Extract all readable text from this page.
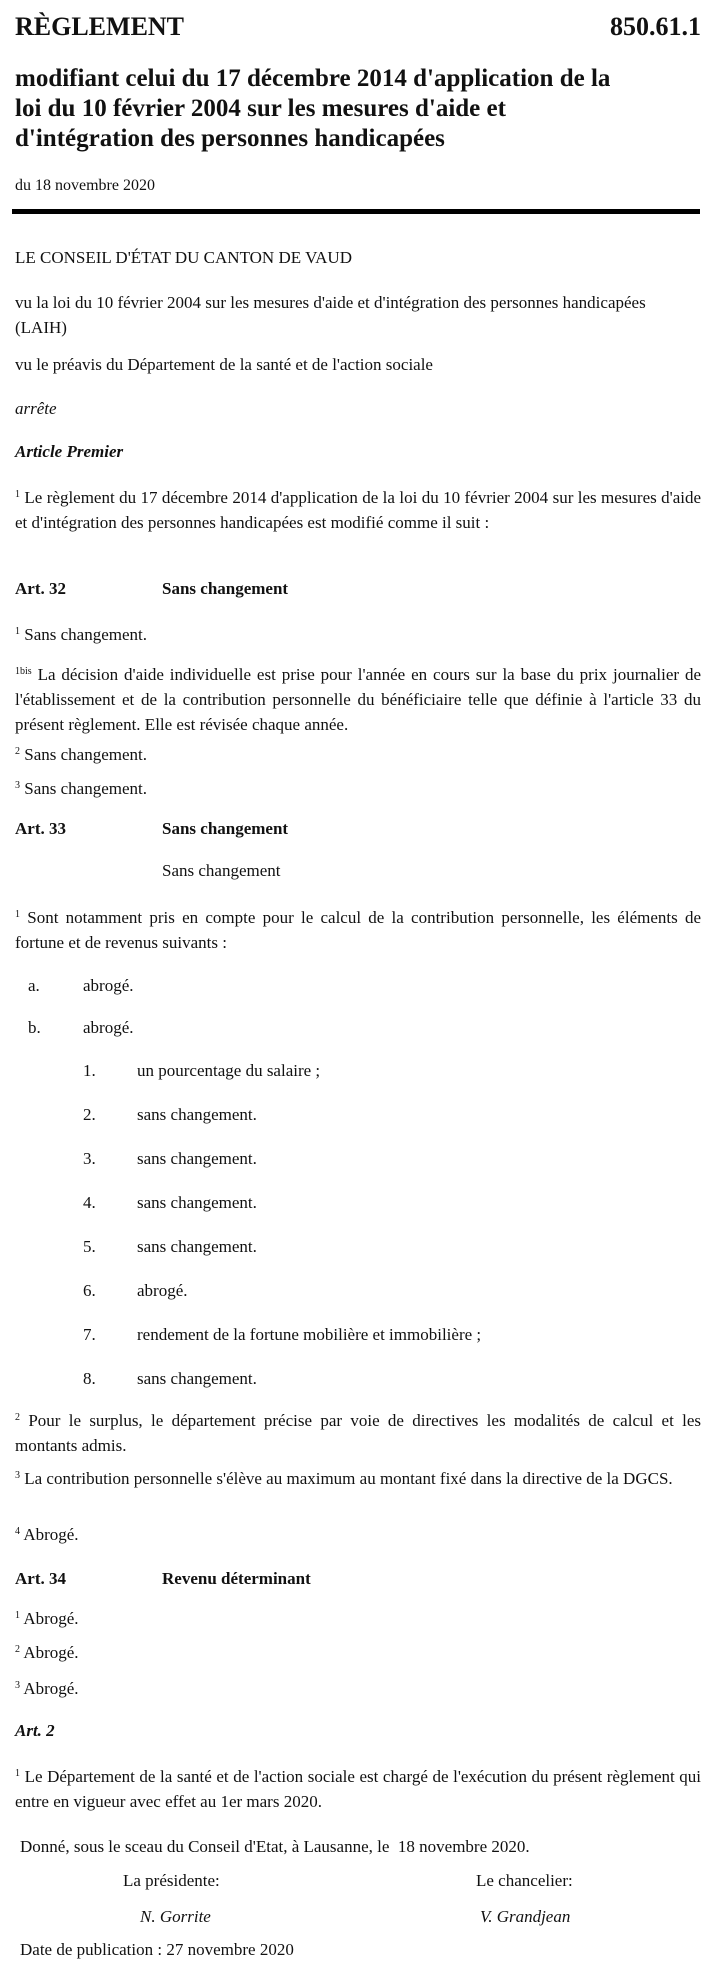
RÈGLEMENT	850.61.1
modifiant celui du 17 décembre 2014 d'application de la
loi du 10 février 2004 sur les mesures d'aide et
d'intégration des personnes handicapées
du 18 novembre 2020
LE CONSEIL D'ÉTAT DU CANTON DE VAUD
vu la loi du 10 février 2004 sur les mesures d'aide et d'intégration des personnes handicapées (LAIH)
vu le préavis du Département de la santé et de l'action sociale
arrête
Article Premier
$^1$ Le règlement du 17 décembre 2014 d'application de la loi du 10 février 2004 sur les mesures d'aide et d'intégration des personnes handicapées est modifié comme il suit :
Art. 32	Sans changement
$^1$ Sans changement.
$^{1bis}$ La décision d'aide individuelle est prise pour l'année en cours sur la base du prix journalier de l'établissement et de la contribution personnelle du bénéficiaire telle que définie à l'article 33 du présent règlement. Elle est révisée chaque année.
$^2$ Sans changement.
$^3$ Sans changement.
Art. 33	Sans changement
Sans changement
$^1$ Sont notamment pris en compte pour le calcul de la contribution personnelle, les éléments de fortune et de revenus suivants :
a.	abrogé.
b. abrogé.
1. un pourcentage du salaire ;
2. sans changement.
3. sans changement.
4. sans changement.
5. sans changement.
6. abrogé.
7. rendement de la fortune mobilière et immobilière ;
8. sans changement.
$^2$ Pour le surplus, le département précise par voie de directives les modalités de calcul et les montants admis.
$^3$ La contribution personnelle s'élève au maximum au montant fixé dans la directive de la DGCS.
$^4$ Abrogé.
Art. 34	Revenu déterminant
$^1$ Abrogé.
$^2$ Abrogé.
$^3$ Abrogé.
Art. 2
$^1$ Le Département de la santé et de l'action sociale est chargé de l'exécution du présent règlement qui entre en vigueur avec effet au 1er mars 2020.
Donné, sous le sceau du Conseil d'Etat, à Lausanne, le  18 novembre 2020.
La présidente:	Le chancelier:
N. Gorrite	V. Grandjean
Date de publication : 27 novembre 2020
